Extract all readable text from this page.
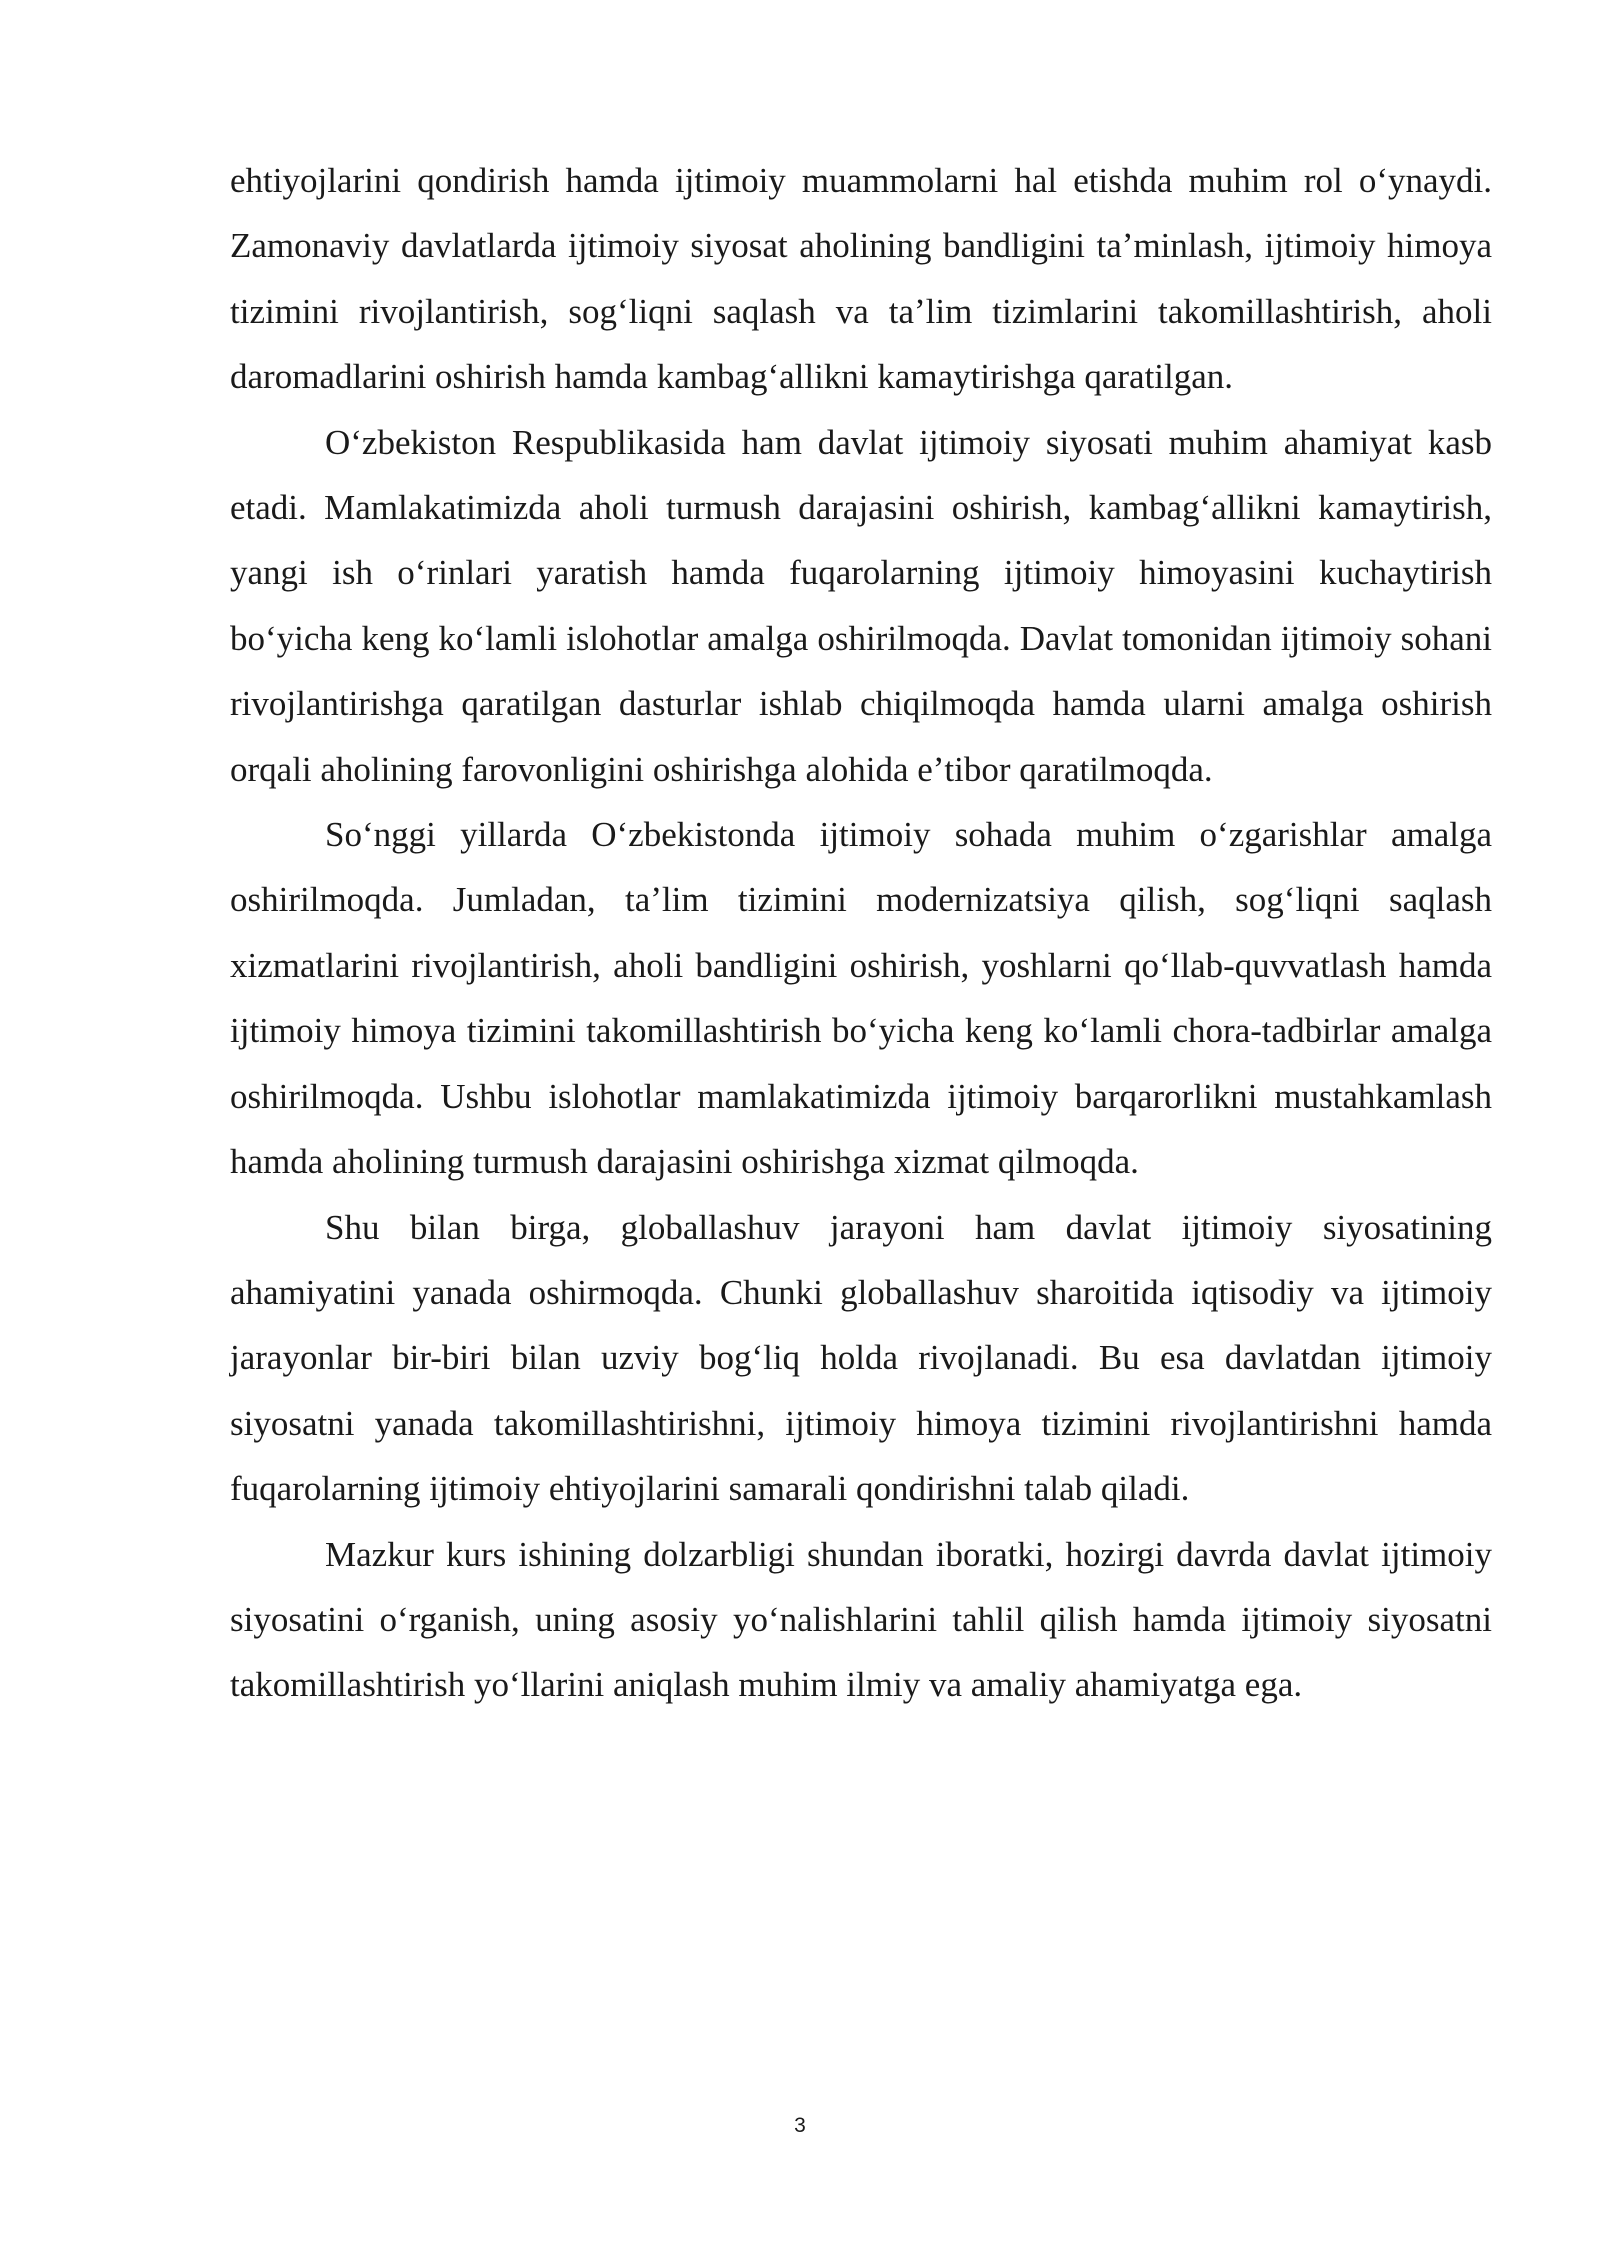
ehtiyojlarini qondirish hamda ijtimoiy muammolarni hal etishda muhim rol oʻynaydi. Zamonaviy davlatlarda ijtimoiy siyosat aholining bandligini taʼminlash, ijtimoiy himoya tizimini rivojlantirish, sogʻliqni saqlash va taʼlim tizimlarini takomillashtirish, aholi daromadlarini oshirish hamda kambagʻallikni kamaytirishga qaratilgan.

Oʻzbekiston Respublikasida ham davlat ijtimoiy siyosati muhim ahamiyat kasb etadi. Mamlakatimizda aholi turmush darajasini oshirish, kambagʻallikni kamaytirish, yangi ish oʻrinlari yaratish hamda fuqarolarning ijtimoiy himoyasini kuchaytirish boʻyicha keng koʻlamli islohotlar amalga oshirilmoqda. Davlat tomonidan ijtimoiy sohani rivojlantirishga qaratilgan dasturlar ishlab chiqilmoqda hamda ularni amalga oshirish orqali aholining farovonligini oshirishga alohida eʼtibor qaratilmoqda.

Soʻnggi yillarda Oʻzbekistonda ijtimoiy sohada muhim oʻzgarishlar amalga oshirilmoqda. Jumladan, taʼlim tizimini modernizatsiya qilish, sogʻliqni saqlash xizmatlarini rivojlantirish, aholi bandligini oshirish, yoshlarni qoʻllab-quvvatlash hamda ijtimoiy himoya tizimini takomillashtirish boʻyicha keng koʻlamli chora-tadbirlar amalga oshirilmoqda. Ushbu islohotlar mamlakatimizda ijtimoiy barqarorlikni mustahkamlash hamda aholining turmush darajasini oshirishga xizmat qilmoqda.

Shu bilan birga, globallashuv jarayoni ham davlat ijtimoiy siyosatining ahamiyatini yanada oshirmoqda. Chunki globallashuv sharoitida iqtisodiy va ijtimoiy jarayonlar bir-biri bilan uzviy bogʻliq holda rivojlanadi. Bu esa davlatdan ijtimoiy siyosatni yanada takomillashtirishni, ijtimoiy himoya tizimini rivojlantirishni hamda fuqarolarning ijtimoiy ehtiyojlarini samarali qondirishni talab qiladi.

Mazkur kurs ishining dolzarbligi shundan iboratki, hozirgi davrda davlat ijtimoiy siyosatini oʻrganish, uning asosiy yoʻnalishlarini tahlil qilish hamda ijtimoiy siyosatni takomillashtirish yoʻllarini aniqlash muhim ilmiy va amaliy ahamiyatga ega.

3
